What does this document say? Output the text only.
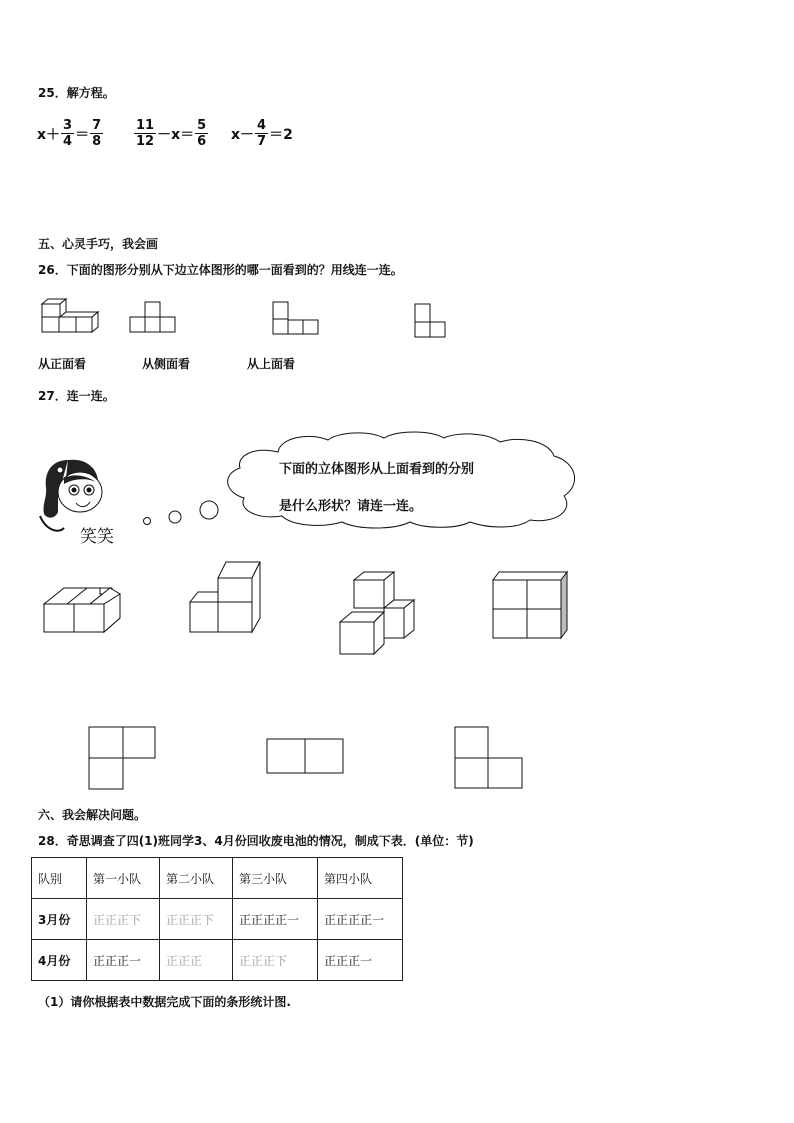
25．解方程。
$x+ \frac{3}{4} = \frac{7}{8} \frac{11}{12} -x= \frac{5}{6} x- \frac{4}{7} =2$
五、心灵手巧，我会画
26．下面的图形分别从下边立体图形的哪一面看到的？用线连一连。
从正面看	从侧面看	从上面看
27．连一连。
笑笑
下面的立体图形从上面看到的分别
是什么形状？请连一连。
六、我会解决问题。
28．奇思调查了四(1)班同学3、4月份回收废电池的情况，制成下表．(单位：节)
队别	第一小队	第二小队	第三小队	第四小队
3月份	正正正下	正正正下	正正正正一	正正正正一
4月份	正正正一	正正正	正正正下	正正正一
（1）请你根据表中数据完成下面的条形统计图.
